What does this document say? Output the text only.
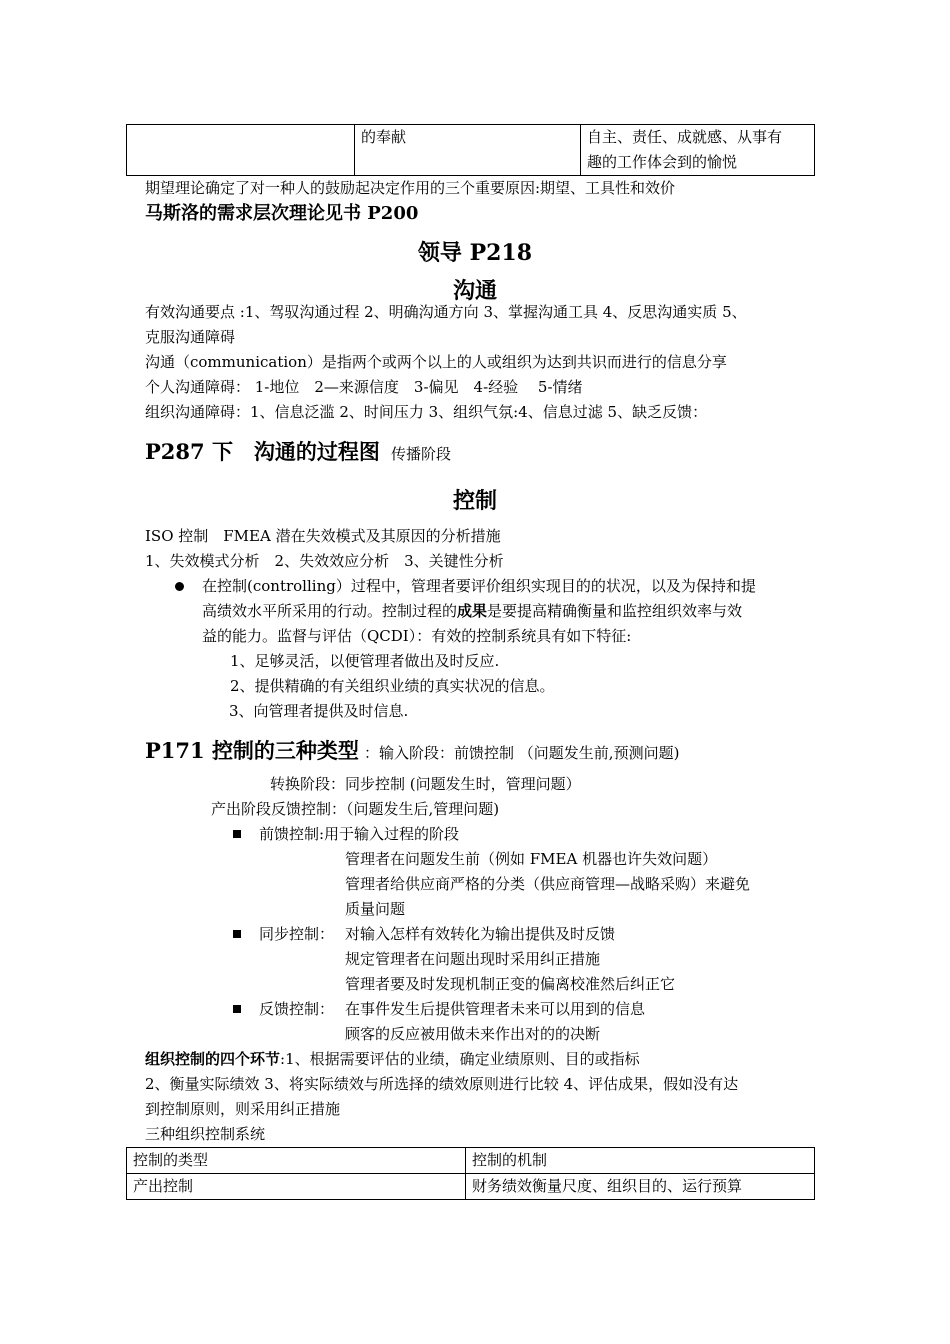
	的奉献	自主、责任、成就感、从事有
趣的工作体会到的愉悦
期望理论确定了对一种人的鼓励起决定作用的三个重要原因:期望、工具性和效价
马斯洛的需求层次理论见书 P200
领导 P218
沟通
有效沟通要点 :1、驾驭沟通过程 2、明确沟通方向 3、掌握沟通工具 4、反思沟通实质 5、
克服沟通障碍
沟通（communication）是指两个或两个以上的人或组织为达到共识而进行的信息分享
个人沟通障碍： 1-地位　2—来源信度　3-偏见　4-经验　 5-情绪
组织沟通障碍：1、信息泛滥 2、时间压力 3、组织气氛:4、信息过滤 5、缺乏反馈：
P287 下　沟通的过程图 传播阶段
控制
ISO 控制　FMEA 潜在失效模式及其原因的分析措施
1、失效模式分析　2、失效效应分析　3、关键性分析
在控制(controlling）过程中，管理者要评价组织实现目的的状况，以及为保持和提
高绩效水平所采用的行动。控制过程的成果是要提高精确衡量和监控组织效率与效
益的能力。监督与评估（QCDI）：有效的控制系统具有如下特征:
1、足够灵活，以便管理者做出及时反应.
2、提供精确的有关组织业绩的真实状况的信息。
3、向管理者提供及时信息.
P171 控制的三种类型 ：输入阶段：前馈控制 （问题发生前,预测问题)
转换阶段：同步控制 (问题发生时，管理问题）
产出阶段反馈控制：（问题发生后,管理问题)
前馈控制:用于输入过程的阶段
管理者在问题发生前（例如 FMEA 机器也许失效问题）
管理者给供应商严格的分类（供应商管理—战略采购）来避免
质量问题
同步控制： 对输入怎样有效转化为输出提供及时反馈
规定管理者在问题出现时采用纠正措施
管理者要及时发现机制正变的偏离校准然后纠正它
反馈控制： 在事件发生后提供管理者未来可以用到的信息
顾客的反应被用做未来作出对的的决断
组织控制的四个环节:1、根据需要评估的业绩，确定业绩原则、目的或指标
2、衡量实际绩效 3、将实际绩效与所选择的绩效原则进行比较 4、评估成果，假如没有达
到控制原则，则采用纠正措施
三种组织控制系统
控制的类型	控制的机制
产出控制	财务绩效衡量尺度、组织目的、运行预算
